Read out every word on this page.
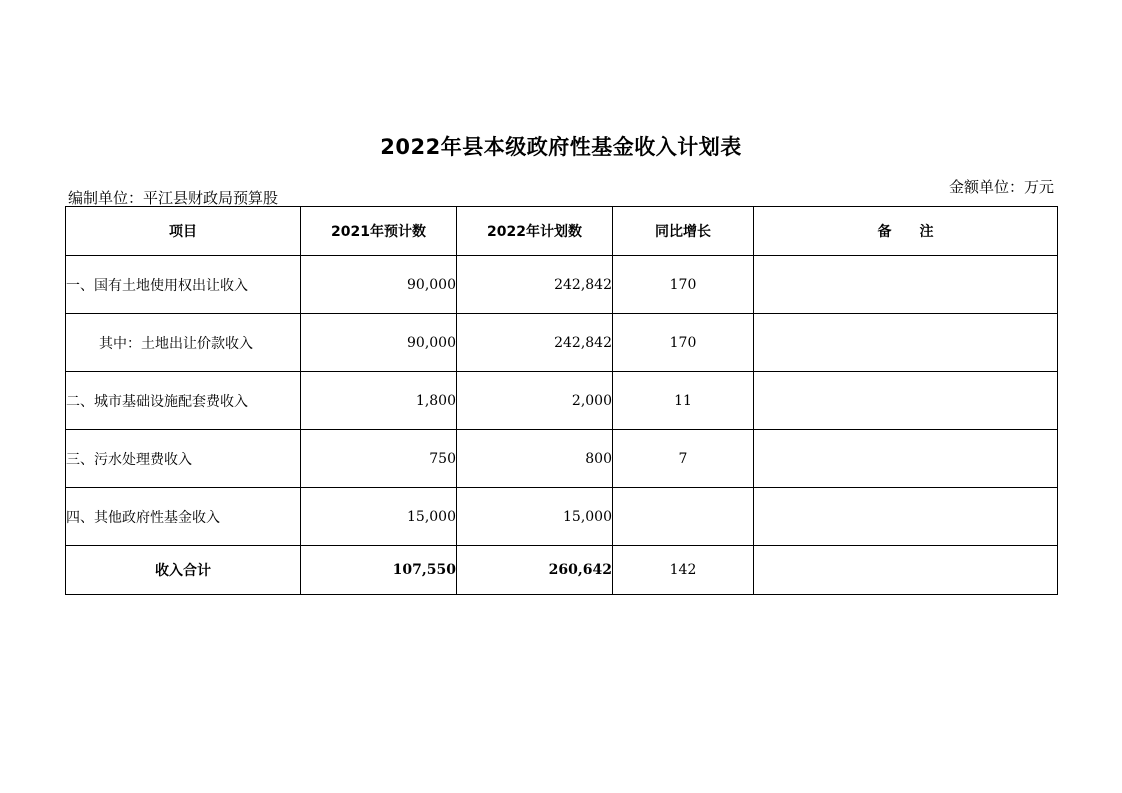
2022年县本级政府性基金收入计划表
编制单位：平江县财政局预算股
金额单位：万元
项目	2021年预计数	2022年计划数	同比增长	备　　注
一、国有土地使用权出让收入	90,000	242,842	170	
其中：土地出让价款收入	90,000	242,842	170	
二、城市基础设施配套费收入	1,800	2,000	11	
三、污水处理费收入	750	800	7	
四、其他政府性基金收入	15,000	15,000		
收入合计	107,550	260,642	142	
